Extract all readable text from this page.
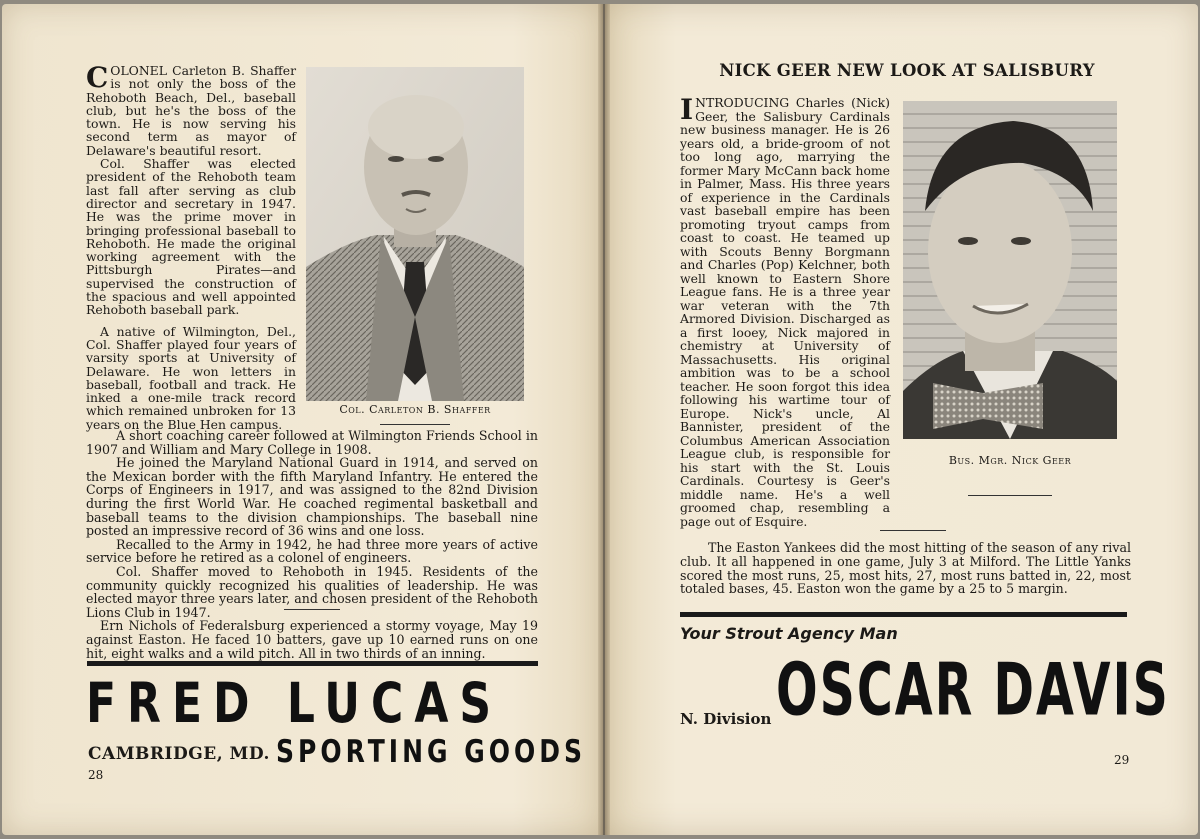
COLONEL Carleton B. Shaffer is not only the boss of the Rehoboth Beach, Del., baseball club, but he's the boss of the town. He is now serving his second term as mayor of Delaware's beautiful resort.

Col. Shaffer was elected president of the Rehoboth team last fall after serving as club director and secretary in 1947. He was the prime mover in bringing professional baseball to Rehoboth. He made the original working agreement with the Pittsburgh Pirates—and supervised the construction of the spacious and well appointed Rehoboth baseball park.

A native of Wilmington, Del., Col. Shaffer played four years of varsity sports at University of Delaware. He won letters in baseball, football and track. He inked a one-mile track record which remained unbroken for 13 years on the Blue Hen campus.

Col. Carleton B. Shaffer

A short coaching career followed at Wilmington Friends School in 1907 and William and Mary College in 1908.

He joined the Maryland National Guard in 1914, and served on the Mexican border with the fifth Maryland Infantry. He entered the Corps of Engineers in 1917, and was assigned to the 82nd Division during the first World War. He coached regimental basketball and baseball teams to the division championships. The baseball nine posted an impressive record of 36 wins and one loss.

Recalled to the Army in 1942, he had three more years of active service before he retired as a colonel of engineers.

Col. Shaffer moved to Rehoboth in 1945. Residents of the community quickly recognized his qualities of leadership. He was elected mayor three years later, and chosen president of the Rehoboth Lions Club in 1947.

Ern Nichols of Federalsburg experienced a stormy voyage, May 19 against Easton. He faced 10 batters, gave up 10 earned runs on one hit, eight walks and a wild pitch. All in two thirds of an inning.

FRED LUCAS
CAMBRIDGE, MD. SPORTING GOODS
28
NICK GEER NEW LOOK AT SALISBURY

INTRODUCING Charles (Nick) Geer, the Salisbury Cardinals new business manager. He is 26 years old, a bride-groom of not too long ago, marrying the former Mary McCann back home in Palmer, Mass. His three years of experience in the Cardinals vast baseball empire has been promoting tryout camps from coast to coast. He teamed up with Scouts Benny Borgmann and Charles (Pop) Kelchner, both well known to Eastern Shore League fans. He is a three year war veteran with the 7th Armored Division. Discharged as a first looey, Nick majored in chemistry at University of Massachusetts. His original ambition was to be a school teacher. He soon forgot this idea following his wartime tour of Europe. Nick's uncle, Al Bannister, president of the Columbus American Association League club, is responsible for his start with the St. Louis Cardinals. Courtesy is Geer's middle name. He's a well groomed chap, resembling a page out of Esquire.

Bus. Mgr. Nick Geer

The Easton Yankees did the most hitting of the season of any rival club. It all happened in one game, July 3 at Milford. The Little Yanks scored the most runs, 25, most hits, 27, most runs batted in, 22, most totaled bases, 45. Easton won the game by a 25 to 5 margin.

Your Strout Agency Man
N. Division OSCAR DAVIS
29
